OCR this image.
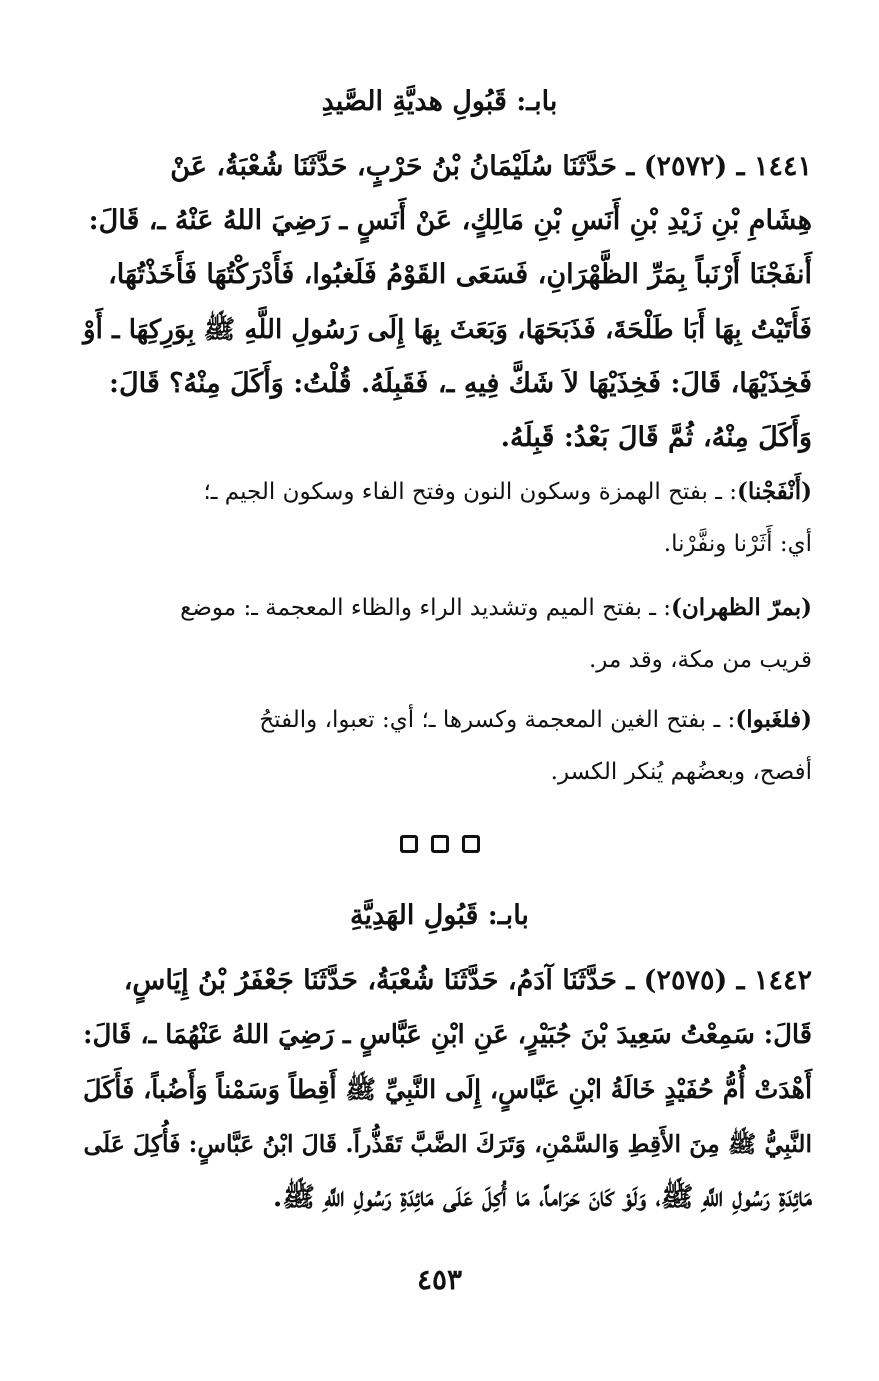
بابـ: قَبُولِ هديَّةِ الصَّيدِ
١٤٤١ ـ (٢٥٧٢) ـ حَدَّثَنَا سُلَيْمَانُ بْنُ حَرْبٍ، حَدَّثَنَا شُعْبَةُ، عَنْ
هِشَامِ بْنِ زَيْدِ بْنِ أَنَسِ بْنِ مَالِكٍ، عَنْ أَنَسٍ ـ رَضِيَ اللهُ عَنْهُ ـ، قَالَ:
أَنفَجْنَا أَرْنَباً بِمَرِّ الظَّهْرَانِ، فَسَعَى القَوْمُ فَلَغبُوا، فَأَدْرَكْتُهَا فَأَخَذْتُهَا،
فَأَتَيْتُ بِهَا أَبَا طَلْحَةَ، فَذَبَحَهَا، وَبَعَثَ بِهَا إِلَى رَسُولِ اللَّهِ ﷺ بِوَرِكِهَا ـ أَوْ
فَخِذَيْهَا، قَالَ: فَخِذَيْهَا لاَ شَكَّ فِيهِ ـ، فَقَبِلَهُ. قُلْتُ: وَأَكَلَ مِنْهُ؟ قَالَ:
وَأَكَلَ مِنْهُ، ثُمَّ قَالَ بَعْدُ: قَبِلَهُ.
(أَنْفَجْنا): ـ بفتح الهمزة وسكون النون وفتح الفاء وسكون الجيم ـ؛
أي: أَثَرْنا ونفَّرْنا.
(بمرّ الظهران): ـ بفتح الميم وتشديد الراء والظاء المعجمة ـ: موضع
قريب من مكة، وقد مر.
(فلغَبوا): ـ بفتح الغين المعجمة وكسرها ـ؛ أي: تعبوا، والفتحُ
أفصح، وبعضُهم يُنكر الكسر.
بابـ: قَبُولِ الهَدِيَّةِ
١٤٤٢ ـ (٢٥٧٥) ـ حَدَّثَنَا آدَمُ، حَدَّثَنَا شُعْبَةُ، حَدَّثَنَا جَعْفَرُ بْنُ إِيَاسٍ،
قَالَ: سَمِعْتُ سَعِيدَ بْنَ جُبَيْرٍ، عَنِ ابْنِ عَبَّاسٍ ـ رَضِيَ اللهُ عَنْهُمَا ـ، قَالَ:
أَهْدَتْ أُمُّ حُفَيْدٍ خَالَةُ ابْنِ عَبَّاسٍ، إِلَى النَّبِيِّ ﷺ أَقِطاً وَسَمْناً وَأَضُباً، فَأَكَلَ
النَّبِيُّ ﷺ مِنَ الأَقِطِ وَالسَّمْنِ، وَتَرَكَ الضَّبَّ تَقَذُّراً. قَالَ ابْنُ عَبَّاسٍ: فَأُكِلَ عَلَى
مَائِدَةِ رَسُولِ اللَّهِ ﷺ، وَلَوْ كَانَ حَرَاماً، مَا أُكِلَ عَلَى مَائِدَةِ رَسُولِ اللَّهِ ﷺ.
٤٥٣
